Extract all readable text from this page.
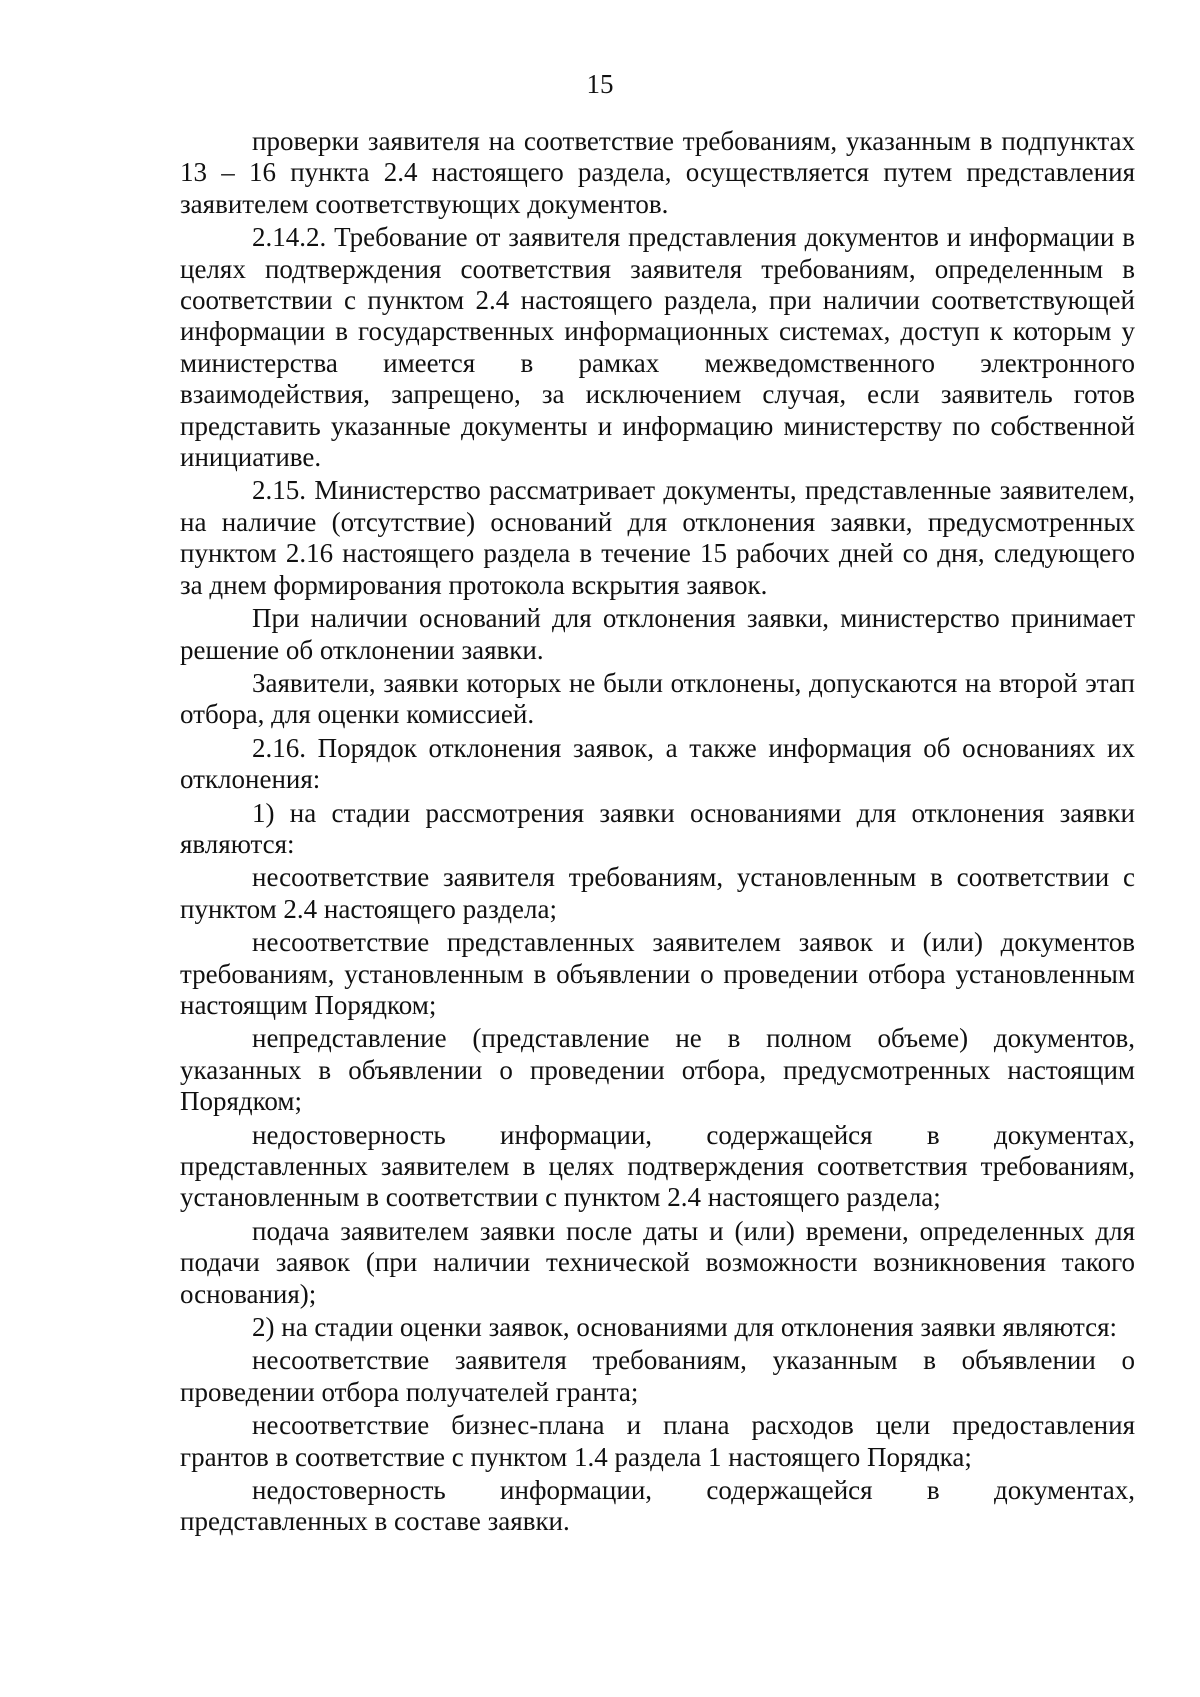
15

проверки заявителя на соответствие требованиям, указанным в подпунктах 13 – 16 пункта 2.4 настоящего раздела, осуществляется путем представления заявителем соответствующих документов.

2.14.2. Требование от заявителя представления документов и информации в целях подтверждения соответствия заявителя требованиям, определенным в соответствии с пунктом 2.4 настоящего раздела, при наличии соответствующей информации в государственных информационных системах, доступ к которым у министерства имеется в рамках межведомственного электронного взаимодействия, запрещено, за исключением случая, если заявитель готов представить указанные документы и информацию министерству по собственной инициативе.

2.15. Министерство рассматривает документы, представленные заявителем, на наличие (отсутствие) оснований для отклонения заявки, предусмотренных пунктом 2.16 настоящего раздела в течение 15 рабочих дней со дня, следующего за днем формирования протокола вскрытия заявок.

При наличии оснований для отклонения заявки, министерство принимает решение об отклонении заявки.

Заявители, заявки которых не были отклонены, допускаются на второй этап отбора, для оценки комиссией.

2.16. Порядок отклонения заявок, а также информация об основаниях их отклонения:

1) на стадии рассмотрения заявки основаниями для отклонения заявки являются:

несоответствие заявителя требованиям, установленным в соответствии с пунктом 2.4 настоящего раздела;

несоответствие представленных заявителем заявок и (или) документов требованиям, установленным в объявлении о проведении отбора установленным настоящим Порядком;

непредставление (представление не в полном объеме) документов, указанных в объявлении о проведении отбора, предусмотренных настоящим Порядком;

недостоверность информации, содержащейся в документах, представленных заявителем в целях подтверждения соответствия требованиям, установленным в соответствии с пунктом 2.4 настоящего раздела;

подача заявителем заявки после даты и (или) времени, определенных для подачи заявок (при наличии технической возможности возникновения такого основания);

2) на стадии оценки заявок, основаниями для отклонения заявки являются:

несоответствие заявителя требованиям, указанным в объявлении о проведении отбора получателей гранта;

несоответствие бизнес-плана и плана расходов цели предоставления грантов в соответствие с пунктом 1.4 раздела 1 настоящего Порядка;

недостоверность информации, содержащейся в документах, представленных в составе заявки.
